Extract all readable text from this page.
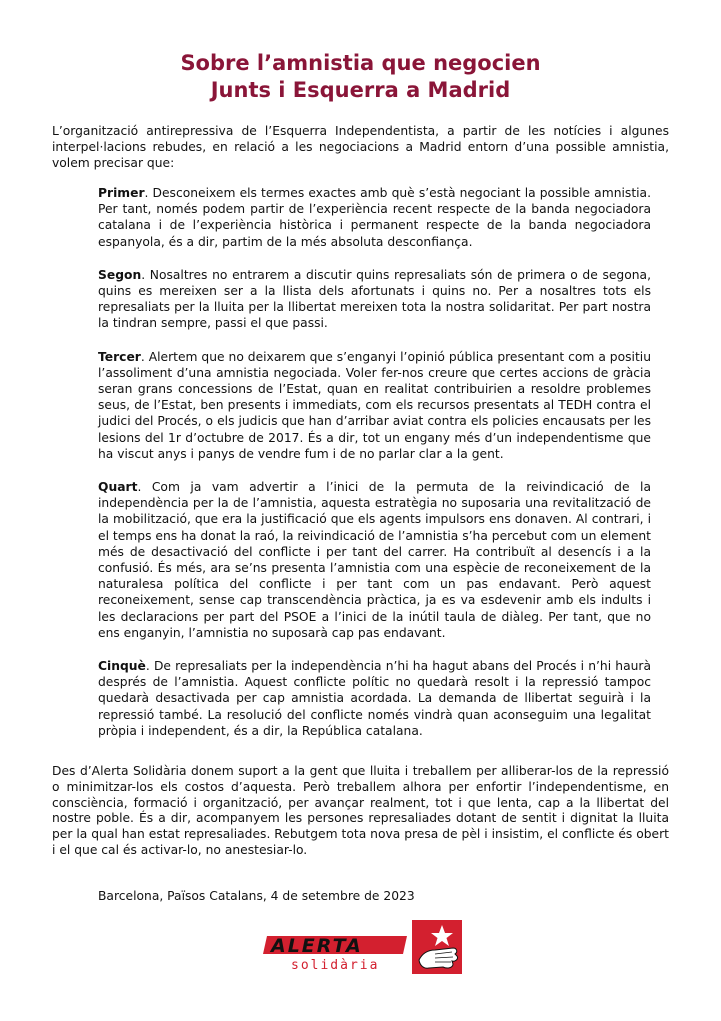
Sobre l’amnistia que negocien
Junts i Esquerra a Madrid
L’organització antirepressiva de l’Esquerra Independentista, a partir de les notícies i algunes interpel·lacions rebudes, en relació a les negociacions a Madrid entorn d’una possible amnistia, volem precisar que:

Primer. Desconeixem els termes exactes amb què s’està negociant la possible amnistia. Per tant, només podem partir de l’experiència recent respecte de la banda negociadora catalana i de l’experiència històrica i permanent respecte de la banda negociadora espanyola, és a dir, partim de la més absoluta desconfiança.

Segon. Nosaltres no entrarem a discutir quins represaliats són de primera o de segona, quins es mereixen ser a la llista dels afortunats i quins no. Per a nosaltres tots els represaliats per la lluita per la llibertat mereixen tota la nostra solidaritat. Per part nostra la tindran sempre, passi el que passi.

Tercer. Alertem que no deixarem que s’enganyi l’opinió pública presentant com a positiu l’assoliment d’una amnistia negociada. Voler fer-nos creure que certes accions de gràcia seran grans concessions de l’Estat, quan en realitat contribuirien a resoldre problemes seus, de l’Estat, ben presents i immediats, com els recursos presentats al TEDH contra el judici del Procés, o els judicis que han d’arribar aviat contra els policies encausats per les lesions del 1r d’octubre de 2017. És a dir, tot un engany més d’un independentisme que ha viscut anys i panys de vendre fum i de no parlar clar a la gent.

Quart. Com ja vam advertir a l’inici de la permuta de la reivindicació de la independència per la de l’amnistia, aquesta estratègia no suposaria una revitalització de la mobilització, que era la justificació que els agents impulsors ens donaven. Al contrari, i el temps ens ha donat la raó, la reivindicació de l’amnistia s’ha percebut com un element més de desactivació del conflicte i per tant del carrer. Ha contribuït al desencís i a la confusió. És més, ara se’ns presenta l’amnistia com una espècie de reconeixement de la naturalesa política del conflicte i per tant com un pas endavant. Però aquest reconeixement, sense cap transcendència pràctica, ja es va esdevenir amb els indults i les declaracions per part del PSOE a l’inici de la inútil taula de diàleg. Per tant, que no ens enganyin, l’amnistia no suposarà cap pas endavant.

Cinquè. De represaliats per la independència n’hi ha hagut abans del Procés i n’hi haurà després de l’amnistia. Aquest conflicte polític no quedarà resolt i la repressió tampoc quedarà desactivada per cap amnistia acordada. La demanda de llibertat seguirà i la repressió també. La resolució del conflicte només vindrà quan aconseguim una legalitat pròpia i independent, és a dir, la República catalana.

Des d’Alerta Solidària donem suport a la gent que lluita i treballem per alliberar-los de la repressió o minimitzar-los els costos d’aquesta. Però treballem alhora per enfortir l’independentisme, en consciència, formació i organització, per avançar realment, tot i que lenta, cap a la llibertat del nostre poble. És a dir, acompanyem les persones represaliades dotant de sentit i dignitat la lluita per la qual han estat represaliades. Rebutgem tota nova presa de pèl i insistim, el conflicte és obert i el que cal és activar-lo, no anestesiar-lo.
Barcelona, Països Catalans, 4 de setembre de 2023
ALERTA
solidària
